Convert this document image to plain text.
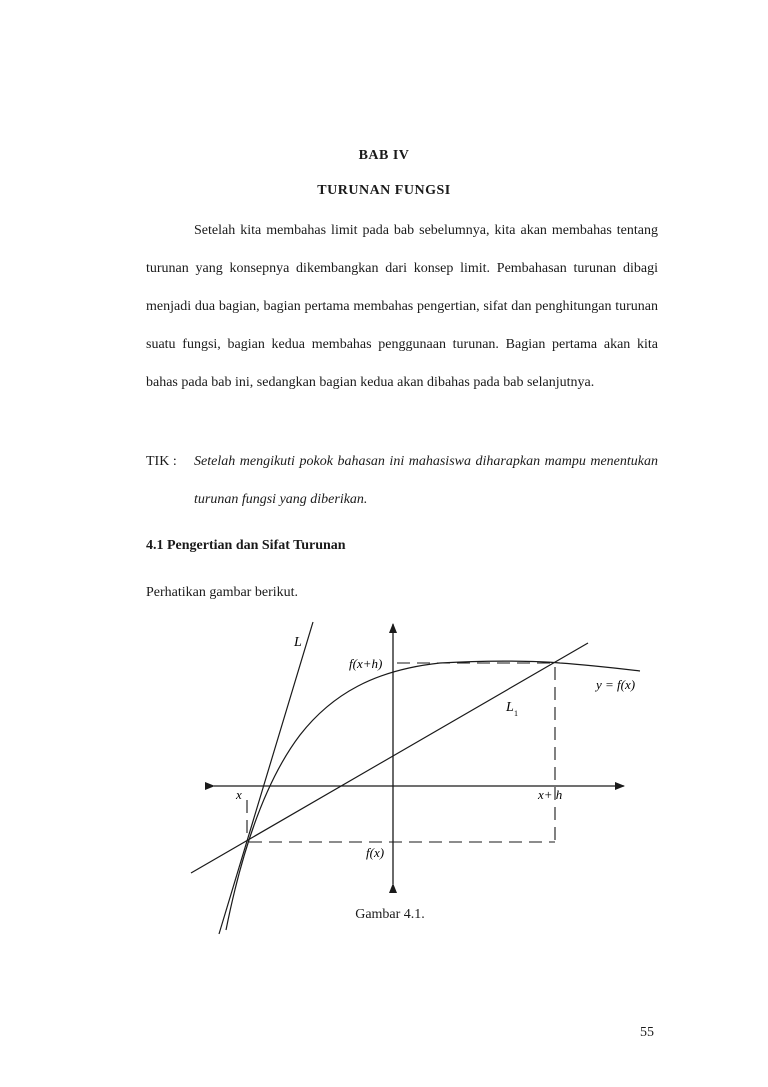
BAB IV
TURUNAN FUNGSI

Setelah kita membahas limit pada bab sebelumnya, kita akan membahas tentang turunan yang konsepnya dikembangkan dari konsep limit. Pembahasan turunan dibagi menjadi dua bagian, bagian pertama membahas pengertian, sifat dan penghitungan turunan suatu fungsi, bagian kedua membahas penggunaan turunan. Bagian pertama akan kita bahas pada bab ini, sedangkan bagian kedua akan dibahas pada bab selanjutnya.

TIK :	Setelah mengikuti pokok bahasan ini mahasiswa diharapkan mampu menentukan turunan fungsi yang diberikan.
4.1 Pengertian dan Sifat Turunan
Perhatikan gambar berikut.
L
f(x+h)
y = f(x)
L 1
x	x+ h
f(x)
Gambar 4.1.
55
